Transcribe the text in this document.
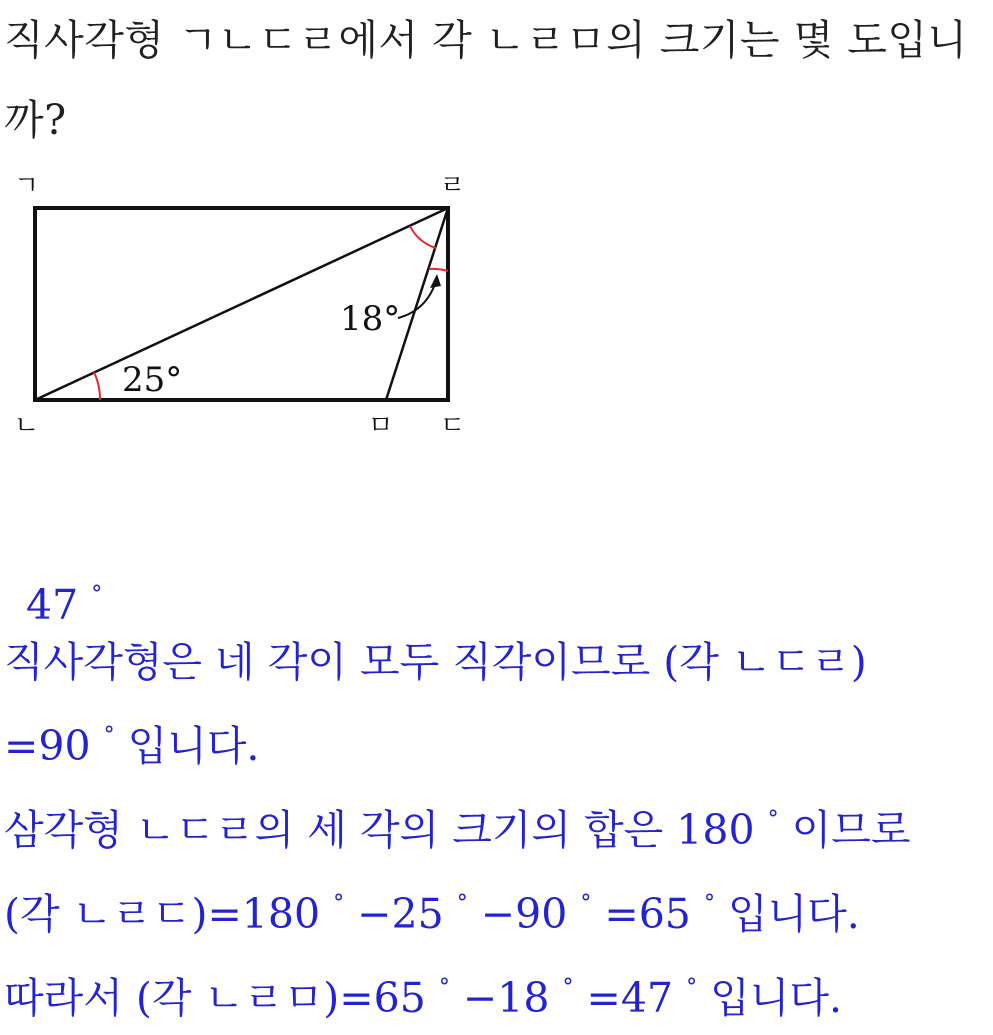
직사각형 ㄱㄴㄷㄹ에서 각 ㄴㄹㅁ의 크기는 몇 도입니까?
ㄱ	ㄹ
ㄴ	ㅁ ㄷ
25°
18°
47 °
직사각형은 네 각이 모두 직각이므로 (각 ㄴㄷㄹ)
=90 ° 입니다.
삼각형 ㄴㄷㄹ의 세 각의 크기의 합은 180 ° 이므로
(각 ㄴㄹㄷ)=180 ° −25 ° −90 ° =65 ° 입니다.
따라서 (각 ㄴㄹㅁ)=65 ° −18 ° =47 ° 입니다.
